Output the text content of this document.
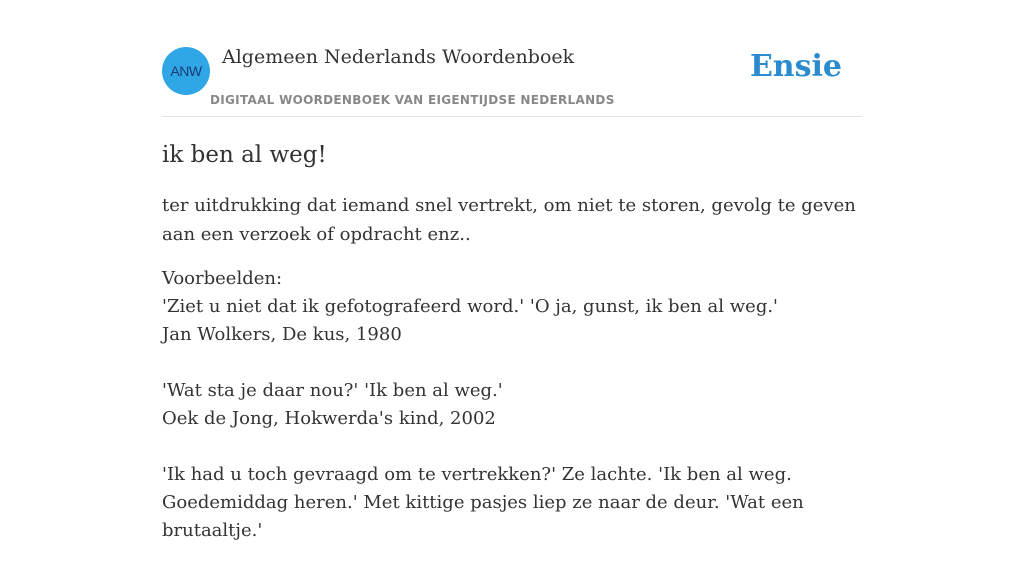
ANW
Algemeen Nederlands Woordenboek
DIGITAAL WOORDENBOEK VAN EIGENTIJDSE NEDERLANDS
Ensie
ik ben al weg!

ter uitdrukking dat iemand snel vertrekt, om niet te storen, gevolg te geven aan een verzoek of opdracht enz..

Voorbeelden:
'Ziet u niet dat ik gefotografeerd word.' 'O ja, gunst, ik ben al weg.'
Jan Wolkers, De kus, 1980
'Wat sta je daar nou?' 'Ik ben al weg.'
Oek de Jong, Hokwerda's kind, 2002
'Ik had u toch gevraagd om te vertrekken?' Ze lachte. 'Ik ben al weg. Goedemiddag heren.' Met kittige pasjes liep ze naar de deur. 'Wat een brutaaltje.'
